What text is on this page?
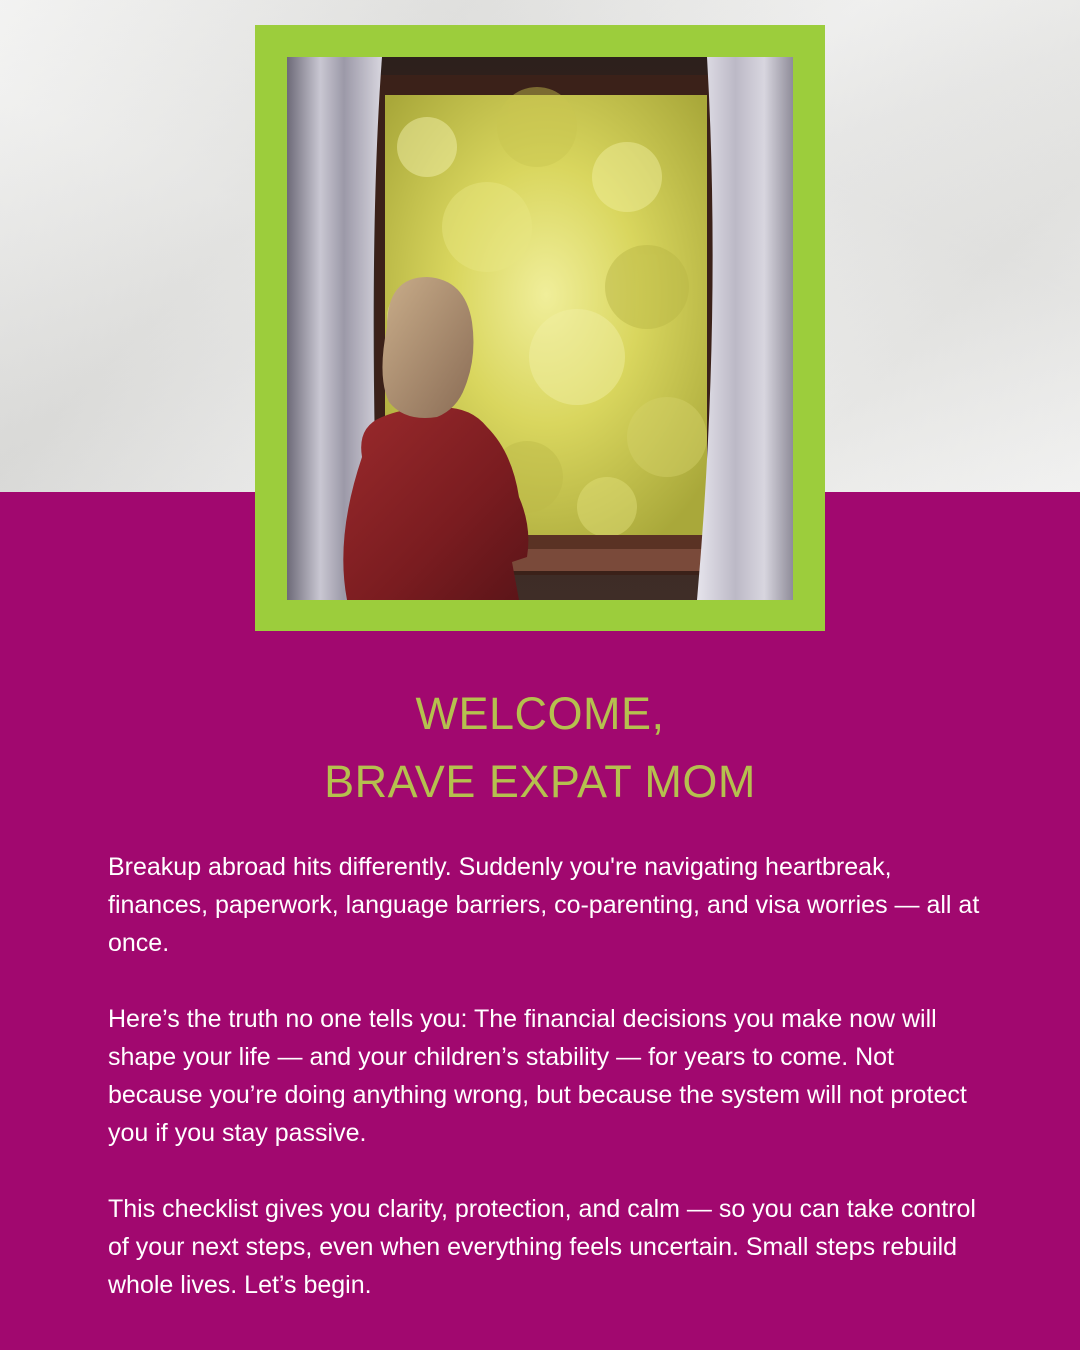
WELCOME,
BRAVE EXPAT MOM

Breakup abroad hits differently. Suddenly you're navigating heartbreak, finances, paperwork, language barriers, co-parenting, and visa worries — all at once.

Here’s the truth no one tells you: The financial decisions you make now will shape your life — and your children’s stability — for years to come. Not because you’re doing anything wrong, but because the system will not protect you if you stay passive.

This checklist gives you clarity, protection, and calm — so you can take control of your next steps, even when everything feels uncertain. Small steps rebuild whole lives. Let’s begin.
